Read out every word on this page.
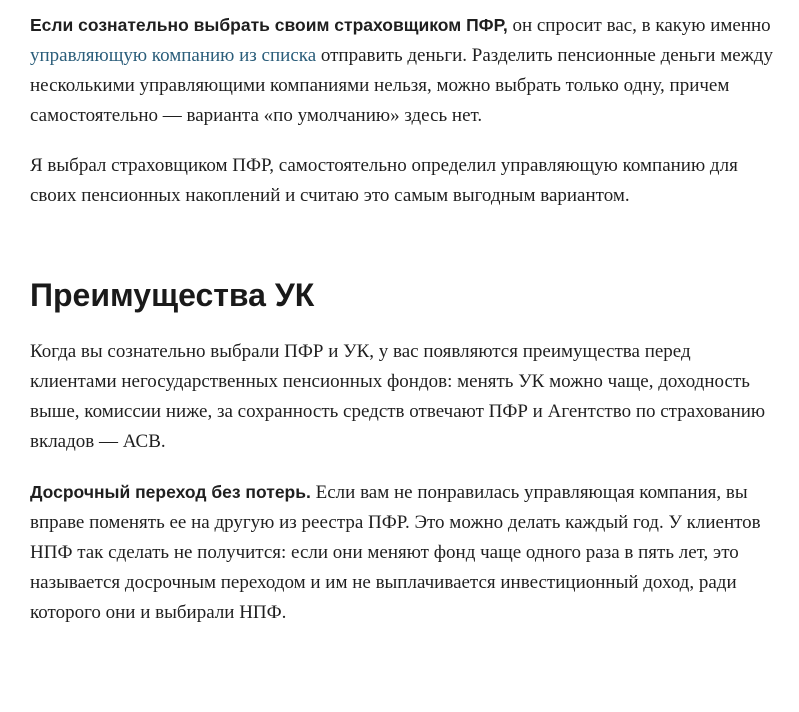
Если сознательно выбрать своим страховщиком ПФР, он спросит вас, в какую именно управляющую компанию из списка отправить деньги. Разделить пенсионные деньги между несколькими управляющими компаниями нельзя, можно выбрать только одну, причем самостоятельно — варианта «по умолчанию» здесь нет.

Я выбрал страховщиком ПФР, самостоятельно определил управляющую компанию для своих пенсионных накоплений и считаю это самым выгодным вариантом.

Преимущества УК

Когда вы сознательно выбрали ПФР и УК, у вас появляются преимущества перед клиентами негосударственных пенсионных фондов: менять УК можно чаще, доходность выше, комиссии ниже, за сохранность средств отвечают ПФР и Агентство по страхованию вкладов — АСВ.

Досрочный переход без потерь. Если вам не понравилась управляющая компания, вы вправе поменять ее на другую из реестра ПФР. Это можно делать каждый год. У клиентов НПФ так сделать не получится: если они меняют фонд чаще одного раза в пять лет, это называется досрочным переходом и им не выплачивается инвестиционный доход, ради которого они и выбирали НПФ.
